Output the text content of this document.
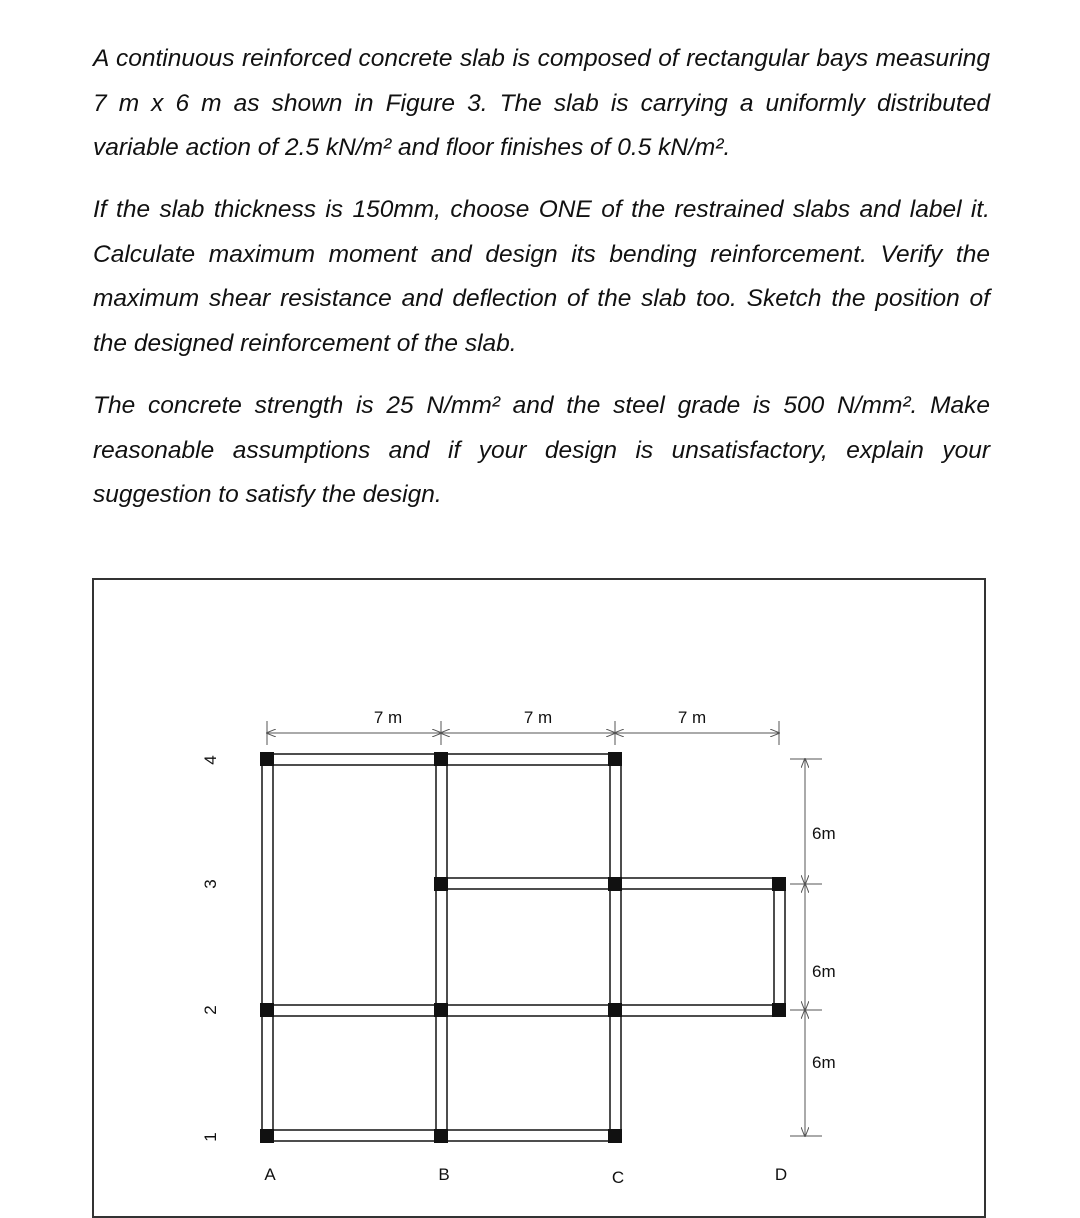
A continuous reinforced concrete slab is composed of rectangular bays measuring 7 m x 6 m as shown in Figure 3. The slab is carrying a uniformly distributed variable action of 2.5 kN/m² and floor finishes of 0.5 kN/m².

If the slab thickness is 150mm, choose ONE of the restrained slabs and label it. Calculate maximum moment and design its bending reinforcement. Verify the maximum shear resistance and deflection of the slab too. Sketch the position of the designed reinforcement of the slab.

The concrete strength is 25 N/mm² and the steel grade is 500 N/mm². Make reasonable assumptions and if your design is unsatisfactory, explain your suggestion to satisfy the design.

7 m	7 m	7 m
6m
6m
6m
4
3
2
1
A	B	C	D
